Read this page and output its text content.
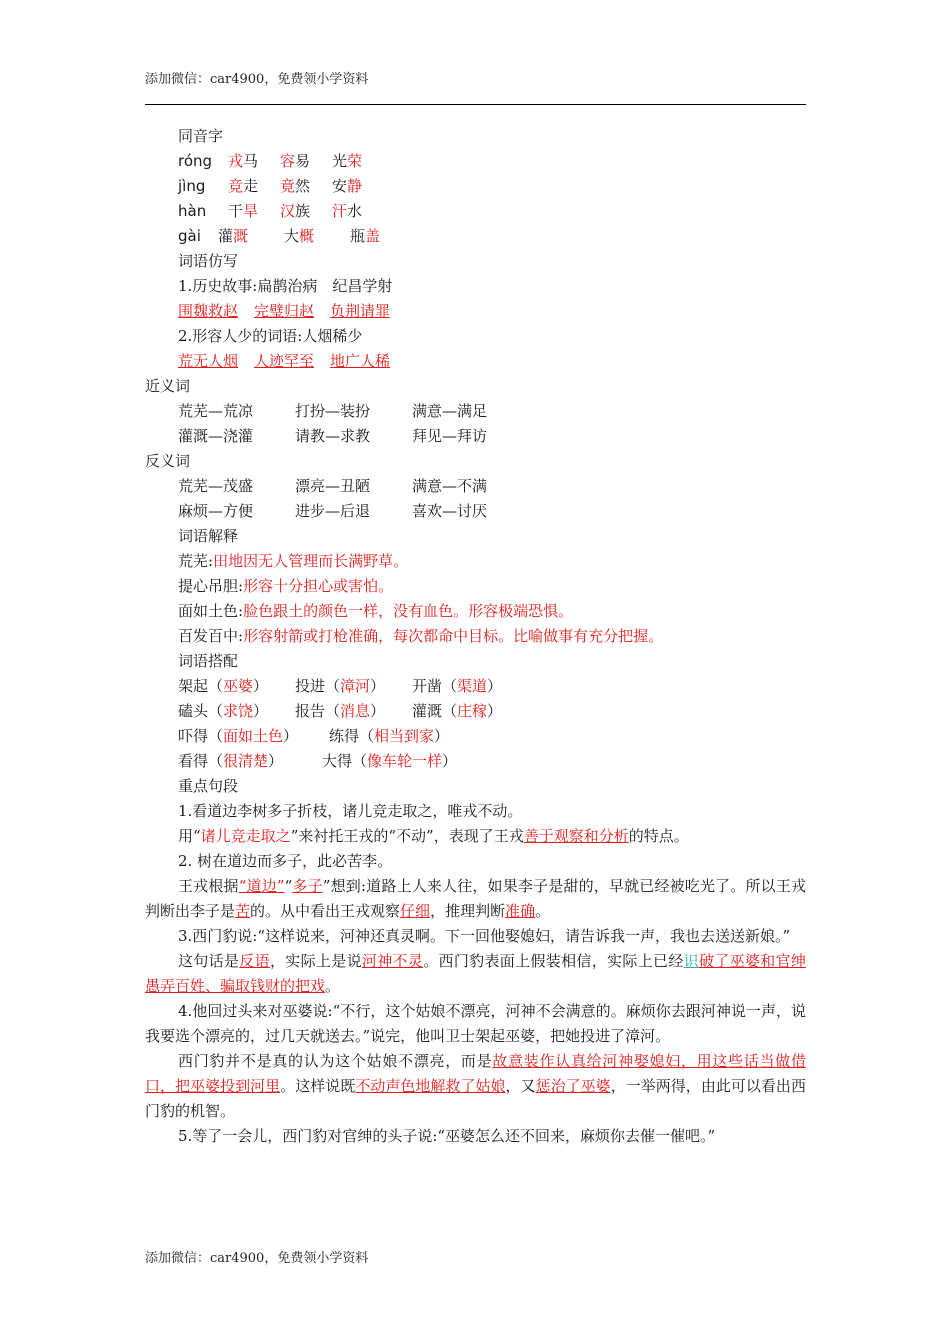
添加微信：car4900，免费领小学资料
同音字
róng 戎马 容易 光荣
jìng 竞走 竟然 安静
hàn 干旱 汉族 汗水
gài 灌溉 大概 瓶盖
词语仿写
1.历史故事:扁鹊治病　纪昌学射
围魏救赵 完璧归赵 负荆请罪
2.形容人少的词语:人烟稀少
荒无人烟 人迹罕至 地广人稀
近义词
荒芜—荒凉	打扮—装扮	满意—满足
灌溉—浇灌	请教—求教	拜见—拜访
反义词
荒芜—茂盛	漂亮—丑陋	满意—不满
麻烦—方便	进步—后退	喜欢—讨厌
词语解释
荒芜:田地因无人管理而长满野草。
提心吊胆:形容十分担心或害怕。
面如土色:脸色跟土的颜色一样，没有血色。形容极端恐惧。
百发百中:形容射箭或打枪准确，每次都命中目标。比喻做事有充分把握。
词语搭配
架起（巫婆） 投进（漳河） 开凿（渠道）
磕头（求饶） 报告（消息） 灌溉（庄稼）
吓得（面如土色） 练得（相当到家）
看得（很清楚）	大得（像车轮一样）
重点句段
1.看道边李树多子折枝，诸儿竞走取之，唯戎不动。
用“诸儿竞走取之”来衬托王戎的“不动”，表现了王戎善于观察和分析的特点。
2. 树在道边而多子，此必苦李。
王戎根据“道边”“多子”想到:道路上人来人往，如果李子是甜的，早就已经被吃光了。所以王戎判断出李子是苦的。从中看出王戎观察仔细，推理判断准确。
3.西门豹说:“这样说来，河神还真灵啊。下一回他娶媳妇，请告诉我一声，我也去送送新娘。”
这句话是反语，实际上是说河神不灵。西门豹表面上假装相信，实际上已经识破了巫婆和官绅愚弄百姓、骗取钱财的把戏。
4.他回过头来对巫婆说:“不行，这个姑娘不漂亮，河神不会满意的。麻烦你去跟河神说一声，说我要选个漂亮的，过几天就送去。”说完，他叫卫士架起巫婆，把她投进了漳河。
西门豹并不是真的认为这个姑娘不漂亮，而是故意装作认真给河神娶媳妇，用这些话当做借口，把巫婆投到河里。这样说既不动声色地解救了姑娘，又惩治了巫婆，一举两得，由此可以看出西门豹的机智。
5.等了一会儿，西门豹对官绅的头子说:“巫婆怎么还不回来，麻烦你去催一催吧。”
添加微信：car4900，免费领小学资料
